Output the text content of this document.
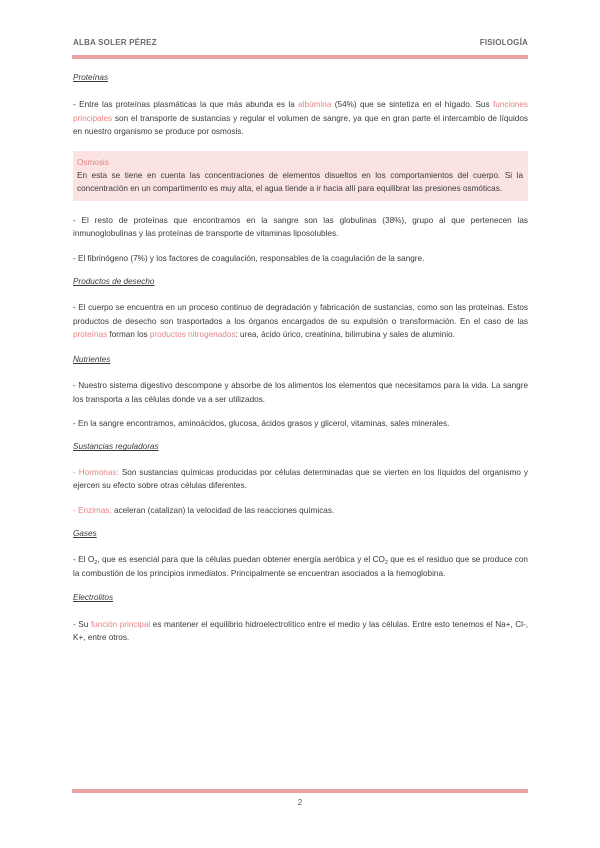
ALBA SOLER PÉREZ	FISIOLOGÍA
Proteínas

- Entre las proteínas plasmáticas la que más abunda es la albúmina (54%) que se sintetiza en el hígado. Sus funciones principales son el transporte de sustancias y regular el volumen de sangre, ya que en gran parte el intercambio de líquidos en nuestro organismo se produce por osmosis.

Osmosis

En esta se tiene en cuenta las concentraciones de elementos disueltos en los comportamientos del cuerpo. Si la concentración en un compartimento es muy alta, el agua tiende a ir hacia allí para equilibrar las presiones osmóticas.

- El resto de proteínas que encontramos en la sangre son las globulinas (38%), grupo al que pertenecen las inmunoglobulinas y las proteínas de transporte de vitaminas liposolubles.

- El fibrinógeno (7%) y los factores de coagulación, responsables de la coagulación de la sangre.

Productos de desecho

- El cuerpo se encuentra en un proceso continuo de degradación y fabricación de sustancias, como son las proteínas. Estos productos de desecho son trasportados a los órganos encargados de su expulsión o transformación. En el caso de las proteínas forman los productos nitrogenados: urea, ácido úrico, creatinina, bilirrubina y sales de aluminio.

Nutrientes

- Nuestro sistema digestivo descompone y absorbe de los alimentos los elementos que necesitamos para la vida. La sangre los transporta a las células donde va a ser utilizados.

- En la sangre encontramos, aminoácidos, glucosa, ácidos grasos y glicerol, vitaminas, sales minerales.

Sustancias reguladoras

- Hormonas: Son sustancias químicas producidas por células determinadas que se vierten en los líquidos del organismo y ejercen su efecto sobre otras células diferentes.

- Enzimas: aceleran (catalizan) la velocidad de las reacciones químicas.

Gases

- El $O_2$, que es esencial para que la células puedan obtener energía aeróbica y el $CO_2$ que es el residuo que se produce con la combustión de los principios inmediatos. Principalmente se encuentran asociados a la hemoglobina.

Electrolitos

- Su función principal es mantener el equilibrio hidroelectrolítico entre el medio y las células. Entre esto tenemos el Na+, Cl-, K+, entre otros.

2
